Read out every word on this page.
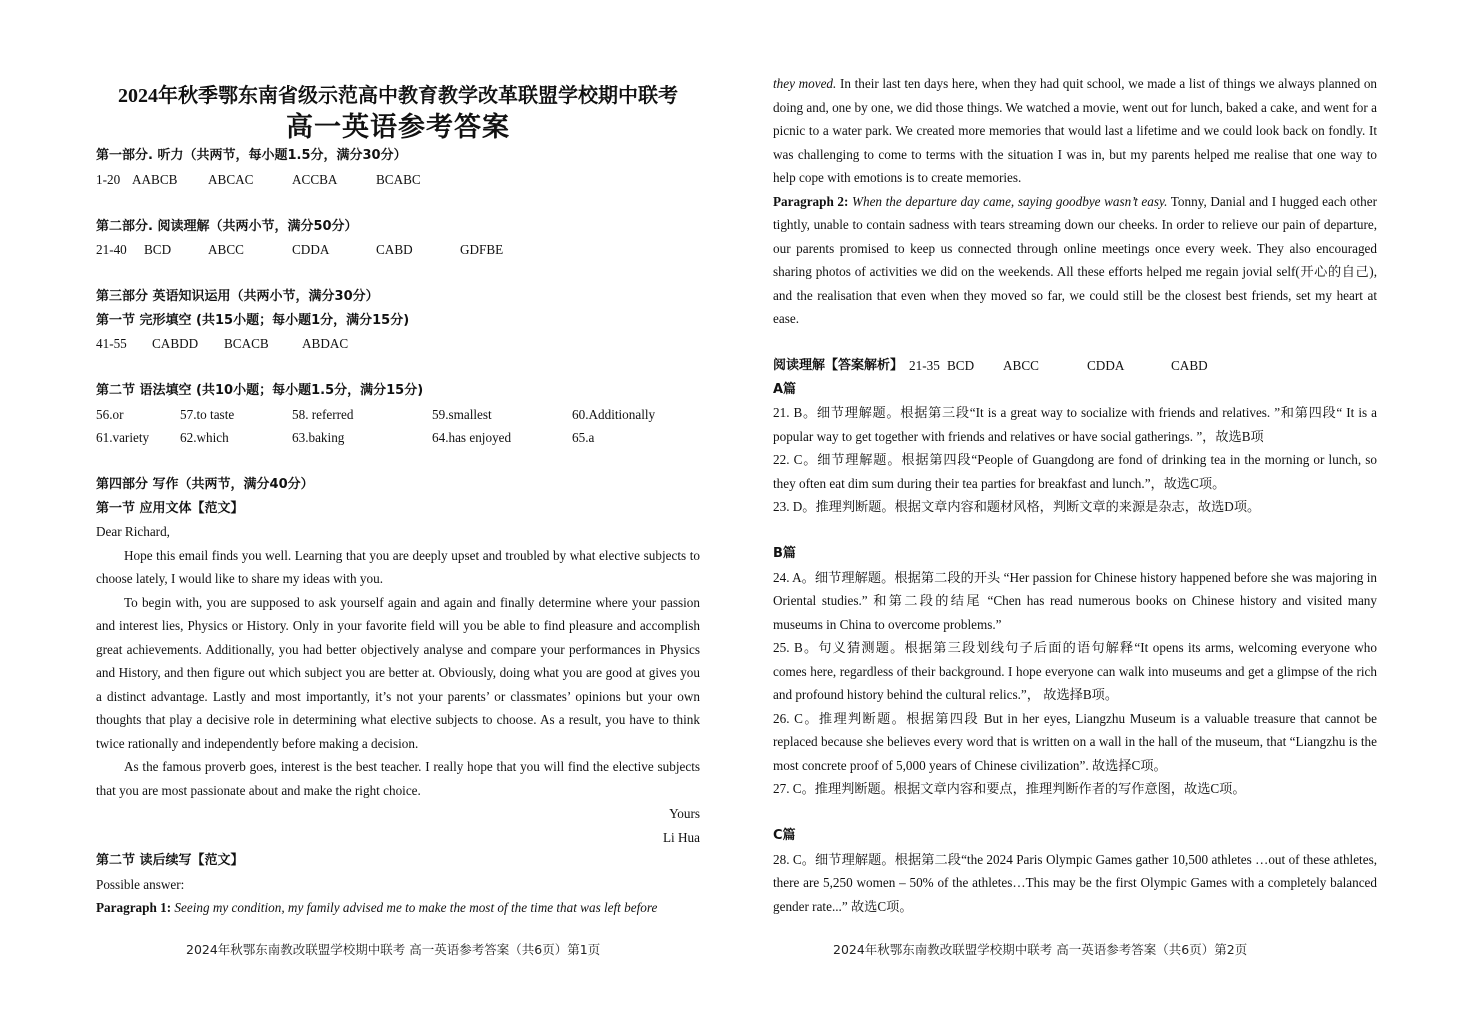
2024年秋季鄂东南省级示范高中教育教学改革联盟学校期中联考
高一英语参考答案
第一部分. 听力（共两节，每小题1.5分，满分30分）
1-20 AABCB	ABCAC	ACCBA	BCABC
第二部分. 阅读理解（共两小节，满分50分）
21-40	BCD	ABCC	CDDA	CABD	GDFBE
第三部分 英语知识运用（共两小节，满分30分）
第一节 完形填空 (共15小题；每小题1分，满分15分)
41-55	CABDD	BCACB	ABDAC
第二节 语法填空 (共10小题；每小题1.5分，满分15分)
56.or	57.to taste	58. referred	59.smallest	60.Additionally
61.variety	62.which	63.baking	64.has enjoyed	65.a
第四部分 写作（共两节，满分40分）
第一节 应用文体【范文】

Dear Richard,

Hope this email finds you well. Learning that you are deeply upset and troubled by what elective subjects to choose lately, I would like to share my ideas with you.

To begin with, you are supposed to ask yourself again and again and finally determine where your passion and interest lies, Physics or History. Only in your favorite field will you be able to find pleasure and accomplish great achievements. Additionally, you had better objectively analyse and compare your performances in Physics and History, and then figure out which subject you are better at. Obviously, doing what you are good at gives you a distinct advantage. Lastly and most importantly, it’s not your parents’ or classmates’ opinions but your own thoughts that play a decisive role in determining what elective subjects to choose. As a result, you have to think twice rationally and independently before making a decision.

As the famous proverb goes, interest is the best teacher. I really hope that you will find the elective subjects that you are most passionate about and make the right choice.

Yours
Li Hua
第二节 读后续写【范文】
Possible answer:
Paragraph 1: Seeing my condition, my family advised me to make the most of the time that was left before

they moved. In their last ten days here, when they had quit school, we made a list of things we always planned on doing and, one by one, we did those things. We watched a movie, went out for lunch, baked a cake, and went for a picnic to a water park. We created more memories that would last a lifetime and we could look back on fondly. It was challenging to come to terms with the situation I was in, but my parents helped me realise that one way to help cope with emotions is to create memories.

Paragraph 2: When the departure day came, saying goodbye wasn’t easy. Tonny, Danial and I hugged each other tightly, unable to contain sadness with tears streaming down our cheeks. In order to relieve our pain of departure, our parents promised to keep us connected through online meetings once every week. They also encouraged sharing photos of activities we did on the weekends. All these efforts helped me regain jovial self(开心的自己), and the realisation that even when they moved so far, we could still be the closest best friends, set my heart at ease.

阅读理解【答案解析】 21-35 BCD	ABCC	CDDA	CABD
A篇

21. B。细节理解题。根据第三段“It is a great way to socialize with friends and relatives. ”和第四段“ It is a popular way to get together with friends and relatives or have social gatherings. ”，故选B项

22. C。细节理解题。根据第四段“People of Guangdong are fond of drinking tea in the morning or lunch, so they often eat dim sum during their tea parties for breakfast and lunch.”，故选C项。

23. D。推理判断题。根据文章内容和题材风格，判断文章的来源是杂志，故选D项。

B篇

24. A。细节理解题。根据第二段的开头 “Her passion for Chinese history happened before she was majoring in Oriental studies.” 和第二段的结尾 “Chen has read numerous books on Chinese history and visited many museums in China to overcome problems.”

25. B。句义猜测题。根据第三段划线句子后面的语句解释“It opens its arms, welcoming everyone who comes here, regardless of their background. I hope everyone can walk into museums and get a glimpse of the rich and profound history behind the cultural relics.”， 故选择B项。

26. C。推理判断题。根据第四段 But in her eyes, Liangzhu Museum is a valuable treasure that cannot be replaced because she believes every word that is written on a wall in the hall of the museum, that “Liangzhu is the most concrete proof of 5,000 years of Chinese civilization”. 故选择C项。

27. C。推理判断题。根据文章内容和要点，推理判断作者的写作意图，故选C项。

C篇

28. C。细节理解题。根据第二段“the 2024 Paris Olympic Games gather 10,500 athletes …out of these athletes, there are 5,250 women – 50% of the athletes…This may be the first Olympic Games with a completely balanced gender rate...” 故选C项。

2024年秋鄂东南教改联盟学校期中联考 高一英语参考答案（共6页）第1页	2024年秋鄂东南教改联盟学校期中联考 高一英语参考答案（共6页）第2页
